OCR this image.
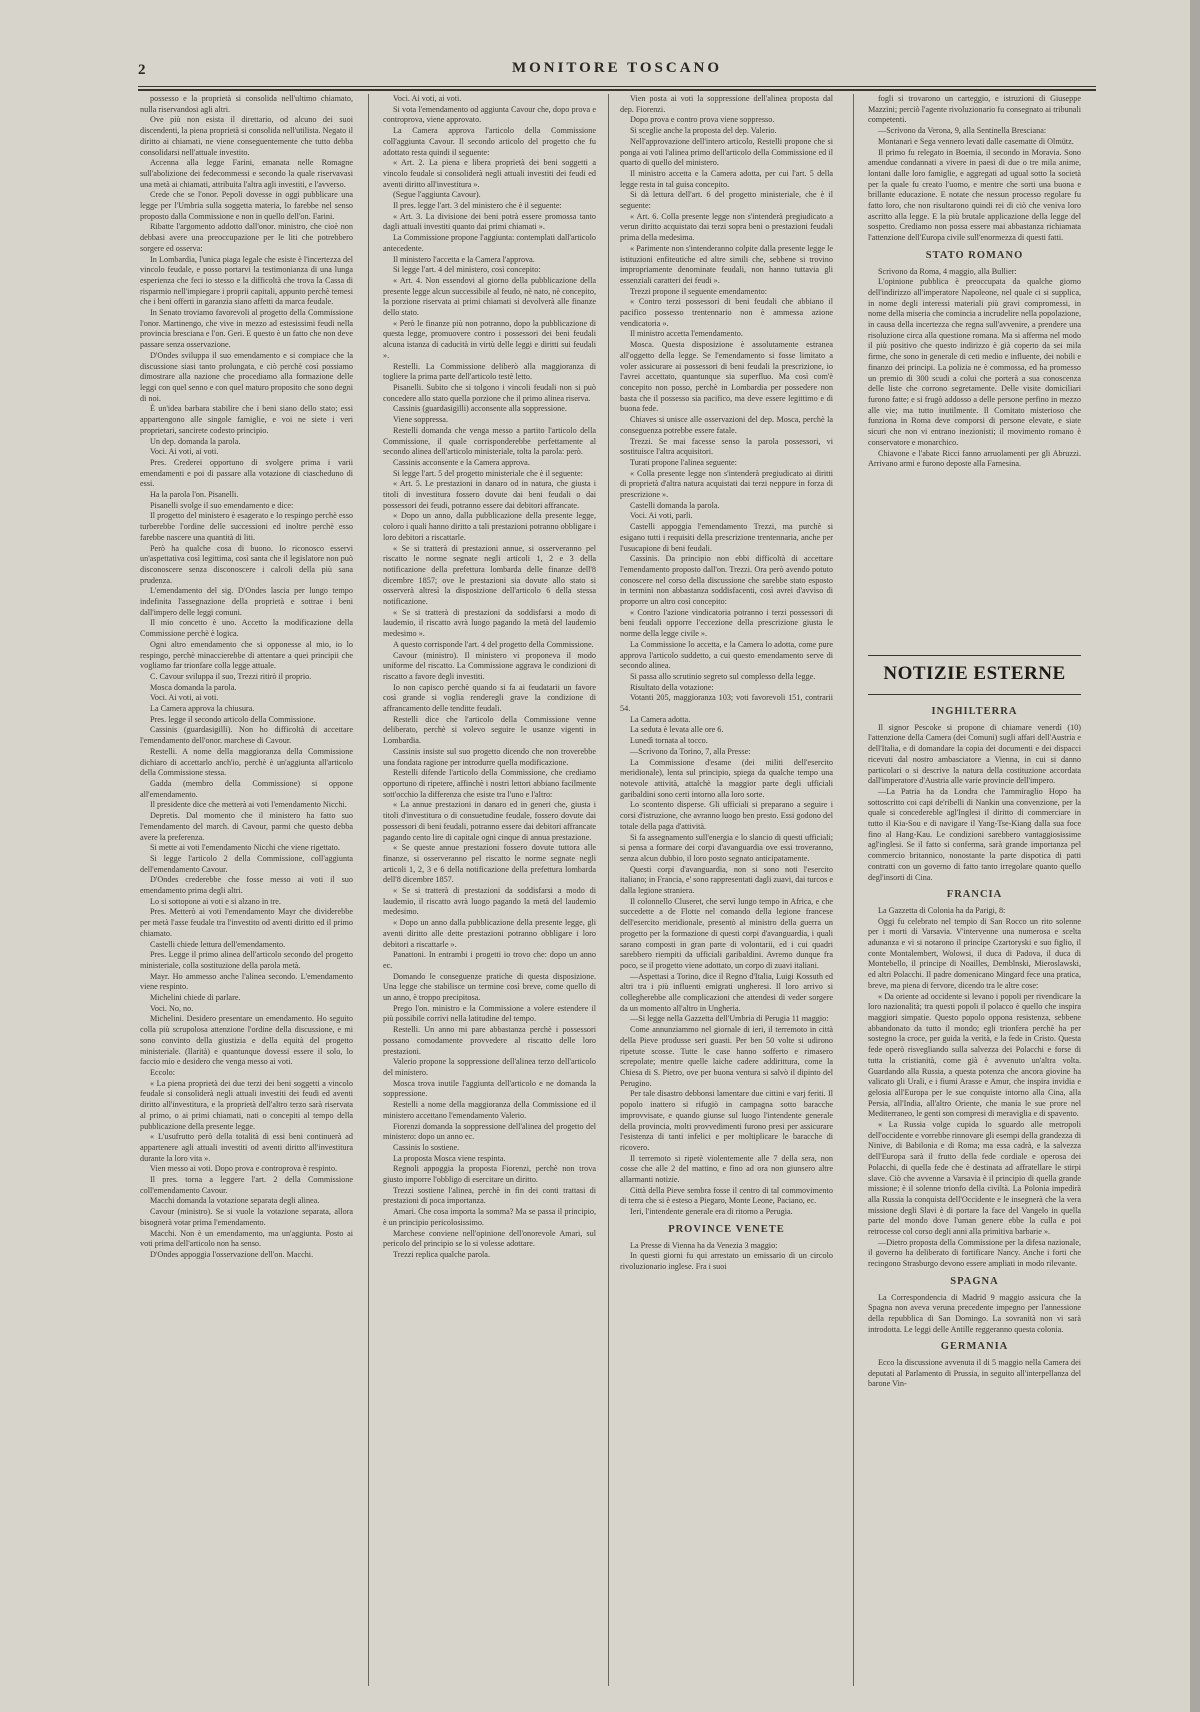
2	MONITORE TOSCANO

possesso e la proprietà si consolida nell'ultimo chiamato, nulla riservandosi agli altri.

Ove più non esista il direttario, od alcuno dei suoi discendenti, la piena proprietà si consolida nell'utilista. Negato il diritto ai chiamati, ne viene conseguentemente che tutto debba consolidarsi nell'attuale investito.

Accenna alla legge Farini, emanata nelle Romagne sull'abolizione dei fedecommessi e secondo la quale riservavasi una metà ai chiamati, attribuita l'altra agli investiti, e l'avverso.

Crede che se l'onor. Pepoli dovesse in oggi pubblicare una legge per l'Umbria sulla soggetta materia, lo farebbe nel senso proposto dalla Commissione e non in quello dell'on. Farini.

Ribatte l'argomento addotto dall'onor. ministro, che cioè non debbasi avere una preoccupazione per le liti che potrebbero sorgere ed osserva:

In Lombardia, l'unica piaga legale che esiste è l'incertezza del vincolo feudale, e posso portarvi la testimonianza di una lunga esperienza che feci io stesso e la difficoltà che trova la Cassa di risparmio nell'impiegare i proprii capitali, appunto perchè temesi che i beni offerti in garanzia siano affetti da marca feudale.

In Senato troviamo favorevoli al progetto della Commissione l'onor. Martinengo, che vive in mezzo ad estesissimi feudi nella provincia bresciana e l'on. Geri. E questo è un fatto che non deve passare senza osservazione.

D'Ondes sviluppa il suo emendamento e si compiace che la discussione siasi tanto prolungata, e ciò perchè così possiamo dimostrare alla nazione che procediamo alla formazione delle leggi con quel senno e con quel maturo proposito che sono degni di noi.

È un'idea barbara stabilire che i beni siano dello stato; essi appartengono alle singole famiglie, e voi ne siete i veri proprietari, sancirete codesto principio.

Un dep. domanda la parola.

Voci. Ai voti, ai voti.

Pres. Crederei opportuno di svolgere prima i varii emendamenti e poi di passare alla votazione di ciascheduno di essi.

Ha la parola l'on. Pisanelli.

Pisanelli svolge il suo emendamento e dice:

Il progetto del ministero è esagerato e lo respingo perchè esso turberebbe l'ordine delle successioni ed inoltre perchè esso farebbe nascere una quantità di liti.

Però ha qualche cosa di buono. Io riconosco esservi un'aspettativa così legittima, così santa che il legislatore non può disconoscere senza disconoscere i calcoli della più sana prudenza.

L'emendamento del sig. D'Ondes lascia per lungo tempo indefinita l'assegnazione della proprietà e sottrae i beni dall'impero delle leggi comuni.

Il mio concetto è uno. Accetto la modificazione della Commissione perchè è logica.

Ogni altro emendamento che si opponesse al mio, io lo respingo, perchè minaccierebbe di attentare a quei principii che vogliamo far trionfare colla legge attuale.

C. Cavour sviluppa il suo, Trezzi ritirò il proprio.

Mosca domanda la parola.

Voci. Ai voti, ai voti.

La Camera approva la chiusura.

Pres. legge il secondo articolo della Commissione.

Cassinis (guardasigilli). Non ho difficoltà di accettare l'emendamento dell'onor. marchese di Cavour.

Restelli. A nome della maggioranza della Commissione dichiaro di accettarlo anch'io, perchè è un'aggiunta all'articolo della Commissione stessa.

Gadda (membro della Commissione) si oppone all'emendamento.

Il presidente dice che metterà ai voti l'emendamento Nicchi.

Depretis. Dal momento che il ministero ha fatto suo l'emendamento del march. di Cavour, parmi che questo debba avere la preferenza.

Si mette ai voti l'emendamento Nicchi che viene rigettato.

Si legge l'articolo 2 della Commissione, coll'aggiunta dell'emendamento Cavour.

D'Ondes crederebbe che fosse messo ai voti il suo emendamento prima degli altri.

Lo si sottopone ai voti e si alzano in tre.

Pres. Metterò ai voti l'emendamento Mayr che dividerebbe per metà l'asse feudale tra l'investito od aventi diritto ed il primo chiamato.

Castelli chiede lettura dell'emendamento.

Pres. Legge il primo alinea dell'articolo secondo del progetto ministeriale, colla sostituzione della parola metà.

Mayr. Ho ammesso anche l'alinea secondo. L'emendamento viene respinto.

Michelini chiede di parlare.

Voci. No, no.

Michelini. Desidero presentare un emendamento. Ho seguito colla più scrupolosa attenzione l'ordine della discussione, e mi sono convinto della giustizia e della equità del progetto ministeriale. (Ilarità) e quantunque dovessi essere il solo, lo faccio mio e desidero che venga messo ai voti.

Eccolo:

« La piena proprietà dei due terzi dei beni soggetti a vincolo feudale si consoliderà negli attuali investiti dei feudi ed aventi diritto all'investitura, e la proprietà dell'altro terzo sarà riservata al primo, o ai primi chiamati, nati o concepiti al tempo della pubblicazione della presente legge.

« L'usufrutto però della totalità di essi beni continuerà ad appartenere agli attuali investiti od aventi diritto all'investitura durante la loro vita ».

Vien messo ai voti. Dopo prova e controprova è respinto.

Il pres. torna a leggere l'art. 2 della Commissione coll'emendamento Cavour.

Macchi domanda la votazione separata degli alinea.

Cavour (ministro). Se si vuole la votazione separata, allora bisognerà votar prima l'emendamento.

Macchi. Non è un emendamento, ma un'aggiunta. Posto ai voti prima dell'articolo non ha senso.

D'Ondes appoggia l'osservazione dell'on. Macchi.

Voci. Ai voti, ai voti.

Si vota l'emendamento od aggiunta Cavour che, dopo prova e controprova, viene approvato.

La Camera approva l'articolo della Commissione coll'aggiunta Cavour. Il secondo articolo del progetto che fu adottato resta quindi il seguente:

« Art. 2. La piena e libera proprietà dei beni soggetti a vincolo feudale si consoliderà negli attuali investiti dei feudi ed aventi diritto all'investitura ».

(Segue l'aggiunta Cavour).

Il pres. legge l'art. 3 del ministero che è il seguente:

« Art. 3. La divisione dei beni potrà essere promossa tanto dagli attuali investiti quanto dai primi chiamati ».

La Commissione propone l'aggiunta: contemplati dall'articolo antecedente.

Il ministero l'accetta e la Camera l'approva.

Si legge l'art. 4 del ministero, così concepito:

« Art. 4. Non essendovi al giorno della pubblicazione della presente legge alcun successibile al feudo, nè nato, nè concepito, la porzione riservata ai primi chiamati si devolverà alle finanze dello stato.

« Però le finanze più non potranno, dopo la pubblicazione di questa legge, promuovere contro i possessori dei beni feudali alcuna istanza di caducità in virtù delle leggi e diritti sui feudali ».

Restelli. La Commissione deliberò alla maggioranza di togliere la prima parte dell'articolo testè letto.

Pisanelli. Subito che si tolgono i vincoli feudali non si può concedere allo stato quella porzione che il primo alinea riserva.

Cassinis (guardasigilli) acconsente alla soppressione.

Viene soppressa.

Restelli domanda che venga messo a partito l'articolo della Commissione, il quale corrisponderebbe perfettamente al secondo alinea dell'articolo ministeriale, tolta la parola: però.

Cassinis acconsente e la Camera approva.

Si legge l'art. 5 del progetto ministeriale che è il seguente:

« Art. 5. Le prestazioni in danaro od in natura, che giusta i titoli di investitura fossero dovute dai beni feudali o dai possessori dei feudi, potranno essere dai debitori affrancate.

« Dopo un anno, dalla pubblicazione della presente legge, coloro i quali hanno diritto a tali prestazioni potranno obbligare i loro debitori a riscattarle.

« Se si tratterà di prestazioni annue, si osserveranno pel riscatto le norme segnate negli articoli 1, 2 e 3 della notificazione della prefettura lombarda delle finanze dell'8 dicembre 1857; ove le prestazioni sia dovute allo stato si osserverà altresì la disposizione dell'articolo 6 della stessa notificazione.

« Se si tratterà di prestazioni da soddisfarsi a modo di laudemio, il riscatto avrà luogo pagando la metà del laudemio medesimo ».

A questo corrisponde l'art. 4 del progetto della Commissione.

Cavour (ministro). Il ministero vi proponeva il modo uniforme del riscatto. La Commissione aggrava le condizioni di riscatto a favore degli investiti.

Io non capisco perchè quando si fa ai feudatarii un favore così grande si voglia renderegli grave la condizione di affrancamento delle tenditte feudali.

Restelli dice che l'articolo della Commissione venne deliberato, perchè si volevo seguire le usanze vigenti in Lombardia.

Cassinis insiste sul suo progetto dicendo che non troverebbe una fondata ragione per introdurre quella modificazione.

Restelli difende l'articolo della Commissione, che crediamo opportuno di ripetere, affinchè i nostri lettori abbiano facilmente sott'occhio la differenza che esiste tra l'uno e l'altro:

« La annue prestazioni in danaro ed in generi che, giusta i titoli d'investitura o di consuetudine feudale, fossero dovute dai possessori di beni feudali, potranno essere dai debitori affrancate pagando cento lire di capitale ogni cinque di annua prestazione.

« Se queste annue prestazioni fossero dovute tuttora alle finanze, si osserveranno pel riscatto le norme segnate negli articoli 1, 2, 3 e 6 della notificazione della prefettura lombarda dell'8 dicembre 1857.

« Se si tratterà di prestazioni da soddisfarsi a modo di laudemio, il riscatto avrà luogo pagando la metà del laudemio medesimo.

« Dopo un anno dalla pubblicazione della presente legge, gli aventi diritto alle dette prestazioni potranno obbligare i loro debitori a riscattarle ».

Panattoni. In entrambi i progetti io trovo che: dopo un anno ec.

Domando le conseguenze pratiche di questa disposizione. Una legge che stabilisce un termine così breve, come quello di un anno, è troppo precipitosa.

Prego l'on. ministro e la Commissione a volere estendere il più possibile corrivi nella latitudine del tempo.

Restelli. Un anno mi pare abbastanza perchè i possessori possano comodamente provvedere al riscatto delle loro prestazioni.

Valerio propone la soppressione dell'alinea terzo dell'articolo del ministero.

Mosca trova inutile l'aggiunta dell'articolo e ne domanda la soppressione.

Restelli a nome della maggioranza della Commissione ed il ministero accettano l'emendamento Valerio.

Fiorenzi domanda la soppressione dell'alinea del progetto del ministero: dopo un anno ec.

Cassinis lo sostiene.

La proposta Mosca viene respinta.

Regnoli appoggia la proposta Fiorenzi, perchè non trova giusto imporre l'obbligo di esercitare un diritto.

Trezzi sostiene l'alinea, perchè in fin dei conti trattasi di prestazioni di poca importanza.

Amari. Che cosa importa la somma? Ma se passa il principio, è un principio pericolosissimo.

Marchese conviene nell'opinione dell'onorevole Amari, sul pericolo del principio se lo si volesse adottare.

Trezzi replica qualche parola.

Vien posta ai voti la soppressione dell'alinea proposta dal dep. Fiorenzi.

Dopo prova e contro prova viene soppresso.

Si sceglie anche la proposta del dep. Valerio.

Nell'approvazione dell'intero articolo, Restelli propone che si ponga ai voti l'alinea primo dell'articolo della Commissione ed il quarto di quello del ministero.

Il ministro accetta e la Camera adotta, per cui l'art. 5 della legge resta in tal guisa concepito.

Si dà lettura dell'art. 6 del progetto ministeriale, che è il seguente:

« Art. 6. Colla presente legge non s'intenderà pregiudicato a verun diritto acquistato dai terzi sopra beni o prestazioni feudali prima della medesima.

« Parimente non s'intenderanno colpite dalla presente legge le istituzioni enfiteutiche ed altre simili che, sebbene si trovino impropriamente denominate feudali, non hanno tuttavia gli essenziali caratteri dei feudi ».

Trezzi propone il seguente emendamento:

« Contro terzi possessori di beni feudali che abbiano il pacifico possesso trentennario non è ammessa azione vendicatoria ».

Il ministro accetta l'emendamento.

Mosca. Questa disposizione è assolutamente estranea all'oggetto della legge. Se l'emendamento si fosse limitato a voler assicurare ai possessori di beni feudali la prescrizione, io l'avrei accettato, quantunque sia superfluo. Ma così com'è concepito non posso, perchè in Lombardia per possedere non basta che il possesso sia pacifico, ma deve essere legittimo e di buona fede.

Chiaves si unisce alle osservazioni del dep. Mosca, perchè la conseguenza potrebbe essere fatale.

Trezzi. Se mai facesse senso la parola possessori, vi sostituisce l'altra acquisitori.

Turati propone l'alinea seguente:

« Colla presente legge non s'intenderà pregiudicato ai diritti di proprietà d'altra natura acquistati dai terzi neppure in forza di prescrizione ».

Castelli domanda la parola.

Voci. Ai voti, parli.

Castelli appoggia l'emendamento Trezzi, ma purchè si esigano tutti i requisiti della prescrizione trentennaria, anche per l'usucapione di beni feudali.

Cassinis. Da principio non ebbi difficoltà di accettare l'emendamento proposto dall'on. Trezzi. Ora però avendo potuto conoscere nel corso della discussione che sarebbe stato esposto in termini non abbastanza soddisfacenti, così avrei d'avviso di proporre un altro così concepito:

« Contro l'azione vindicatoria potranno i terzi possessori di beni feudali opporre l'eccezione della prescrizione giusta le norme della legge civile ».

La Commissione lo accetta, e la Camera lo adotta, come pure approva l'articolo suddetto, a cui questo emendamento serve di secondo alinea.

Si passa allo scrutinio segreto sul complesso della legge.

Risultato della votazione:

Votanti 205, maggioranza 103; voti favorevoli 151, contrarii 54.

La Camera adotta.

La seduta è levata alle ore 6.

Lunedì tornata al tocco.

—Scrivono da Torino, 7, alla Presse:

La Commissione d'esame (dei militi dell'esercito meridionale), lenta sul principio, spiega da qualche tempo una notevole attività, attalchè la maggior parte degli ufficiali garibaldini sono certi intorno alla loro sorte.

Lo scontento disperse. Gli ufficiali si preparano a seguire i corsi d'istruzione, che avranno luogo ben presto. Essi godono del totale della paga d'attività.

Si fa assegnamento sull'energia e lo slancio di questi ufficiali; si pensa a formare dei corpi d'avanguardia ove essi troveranno, senza alcun dubbio, il loro posto segnato anticipatamente.

Questi corpi d'avanguardia, non si sono noti l'esercito italiano; in Francia, e' sono rappresentati dagli zuavi, dai turcos e dalla legione straniera.

Il colonnello Cluseret, che servì lungo tempo in Africa, e che succedette a de Flotte nel comando della legione francese dell'esercito meridionale, presentò al ministro della guerra un progetto per la formazione di questi corpi d'avanguardia, i quali sarano composti in gran parte di volontarii, ed i cui quadri sarebbero riempiti da ufficiali garibaldini. Avremo dunque fra poco, se il progetto viene adottato, un corpo di zuavi italiani.

—Aspettasi a Torino, dice il Regno d'Italia, Luigi Kossuth ed altri tra i più influenti emigrati ungheresi. Il loro arrivo si collegherebbe alle complicazioni che attendesi di veder sorgere da un momento all'altro in Ungheria.

—Si legge nella Gazzetta dell'Umbria di Perugia 11 maggio:

Come annunziammo nel giornale di ieri, il terremoto in città della Pieve produsse seri guasti. Per ben 50 volte si udirono ripetute scosse. Tutte le case hanno sofferto e rimasero screpolate; mentre quelle laiche cadere addirittura, come la Chiesa di S. Pietro, ove per buona ventura si salvò il dipinto del Perugino.

Per tale disastro debbonsi lamentare due cittini e varj feriti. Il popolo inattero si rifugiò in campagna sotto baracche improvvisate, e quando giunse sul luogo l'intendente generale della provincia, molti provvedimenti furono presi per assicurare l'esistenza di tanti infelici e per moltiplicare le baracche di ricovero.

Il terremoto si ripetè violentemente alle 7 della sera, non cosse che alle 2 del mattino, e fino ad ora non giunsero altre allarmanti notizie.

Città della Pieve sembra fosse il centro di tal commovimento di terra che si è esteso a Piegaro, Monte Leone, Paciano, ec.

Ieri, l'intendente generale era di ritorno a Perugia.

PROVINCE VENETE

La Presse di Vienna ha da Venezia 3 maggio:

In questi giorni fu qui arrestato un emissario di un circolo rivoluzionario inglese. Fra i suoi

fogli si trovarono un carteggio, e istruzioni di Giuseppe Mazzini; perciò l'agente rivoluzionario fu consegnato ai tribunali competenti.

—Scrivono da Verona, 9, alla Sentinella Bresciana:

Montanari e Sega vennero levati dalle casematte di Olmütz.

Il primo fu relegato in Boemia, il secondo in Moravia. Sono amendue condannati a vivere in paesi di due o tre mila anime, lontani dalle loro famiglie, e aggregati ad ugual sotto la società per la quale fu creato l'uomo, e mentre che sorti una buona e brillante educazione. E notate che nessun processo regolare fu fatto loro, che non risultarono quindi rei di ciò che veniva loro ascritto alla legge. E la più brutale applicazione della legge del sospetto. Crediamo non possa essere mai abbastanza richiamata l'attenzione dell'Europa civile sull'enormezza di questi fatti.

STATO ROMANO

Scrivono da Roma, 4 maggio, alla Bullier:

L'opinione pubblica è preoccupata da qualche giorno dell'indirizzo all'imperatore Napoleone, nel quale ci si supplica, in nome degli interessi materiali più gravi compromessi, in nome della miseria che comincia a incrudelire nella popolazione, in causa della incertezza che regna sull'avvenire, a prendere una risoluzione circa alla questione romana. Ma si afferma nel modo il più positivo che questo indirizzo è già coperto da sei mila firme, che sono in generale di ceti medio e influente, dei nobili e finanzo dei principi. La polizia ne è commossa, ed ha promesso un premio di 300 scudi a colui che porterà a sua conoscenza delle liste che corrono segretamente. Delle visite domiciliari furono fatte; e si frugò addosso a delle persone perfino in mezzo alle vie; ma tutto inutilmente. Il Comitato misterioso che funziona in Roma deve comporsi di persone elevate, e siate sicuri che non vi entrano inezionisti; il movimento romano è conservatore e monarchico.

Chiavone e l'abate Ricci fanno arruolamenti per gli Abruzzi. Arrivano armi e furono deposte alla Farnesina.

INGHILTERRA

Il signor Pescoke si propone di chiamare venerdì (10) l'attenzione della Camera (dei Comuni) sugli affari dell'Austria e dell'Italia, e di domandare la copia dei documenti e dei dispacci ricevuti dal nostro ambasciatore a Vienna, in cui si danno particolari o si descrive la natura della costituzione accordata dall'imperatore d'Austria alle varie provincie dell'impero.

—La Patria ha da Londra che l'ammiraglio Hopo ha sottoscritto coi capi de'ribelli di Nankin una convenzione, per la quale si concedereble agl'Inglesi il diritto di commerciare in tutto il Kia-Sou e di navigare il Yang-Tse-Kiang dalla sua foce fino al Hang-Kau. Le condizioni sarebbero vantaggiosissime agl'inglesi. Se il fatto si conferma, sarà grande importanza pel commercio britannico, nonostante la parte dispotica di patti contratti con un governo di fatto tanto irregolare quanto quello degl'insorti di Cina.

FRANCIA

La Gazzetta di Colonia ha da Parigi, 8:

Oggi fu celebrato nel tempio di San Rocco un rito solenne per i morti di Varsavia. V'intervenne una numerosa e scelta adunanza e vi si notarono il principe Czartoryski e suo figlio, il conte Montalembert, Wolowsi, il duca di Padova, il duca di Montebello, il principe di Noailles, Demblnski, Mieroslawski, ed altri Polacchi. Il padre domenicano Mingard fece una pratica, breve, ma piena di fervore, dicendo tra le altre cose:

« Da oriente ad occidente si levano i popoli per rivendicare la loro nazionalità; tra questi popoli il polacco è quello che inspira maggiori simpatie. Questo popolo oppona resistenza, sebbene abbandonato da tutto il mondo; egli trionfera perchè ha per sostegno la croce, per guida la verità, e la fede in Cristo. Questa fede operò risvegliando sulla salvezza dei Polacchi e forse di tutta la cristianità, come già è avvenuto un'altra volta. Guardando alla Russia, a questa potenza che ancora giovine ha valicato gli Urali, e i fiumi Arasse e Amur, che inspira invidia e gelosia all'Europa per le sue conquiste intorno alla Cina, alla Persia, all'India, all'altro Oriente, che mania le sue prore nel Mediterraneo, le genti son compresi di meraviglia e di spavento.

« La Russia volge cupida lo sguardo alle metropoli dell'occidente e vorrebbe rinnovare gli esempi della grandezza di Ninive, di Babilonia e di Roma; ma essa cadrà, e la salvezza dell'Europa sarà il frutto della fede cordiale e operosa dei Polacchi, di quella fede che è destinata ad affratellare le stirpi slave. Ciò che avvenne a Varsavia è il principio di quella grande missione; è il solenne trionfo della civiltà. La Polonia impedirà alla Russia la conquista dell'Occidente e le insegnerà che la vera missione degli Slavi è di portare la face del Vangelo in quella parte del mondo dove l'uman genere ebbe la culla e poi retrocesse col corso degli anni alla primitiva barbarie ».

—Dietro proposta della Commissione per la difesa nazionale, il governo ha deliberato di fortificare Nancy. Anche i forti che recingono Strasburgo devono essere ampliati in modo rilevante.

SPAGNA

La Correspondencia di Madrid 9 maggio assicura che la Spagna non aveva veruna precedente impegno per l'annessione della repubblica di San Domingo. La sovranità non vi sarà introdotta. Le leggi delle Antille reggeranno questa colonia.

GERMANIA

Ecco la discussione avvenuta il di 5 maggio nella Camera dei deputati al Parlamento di Prussia, in seguito all'interpellanza del barone Vin-

NOTIZIE ESTERNE
